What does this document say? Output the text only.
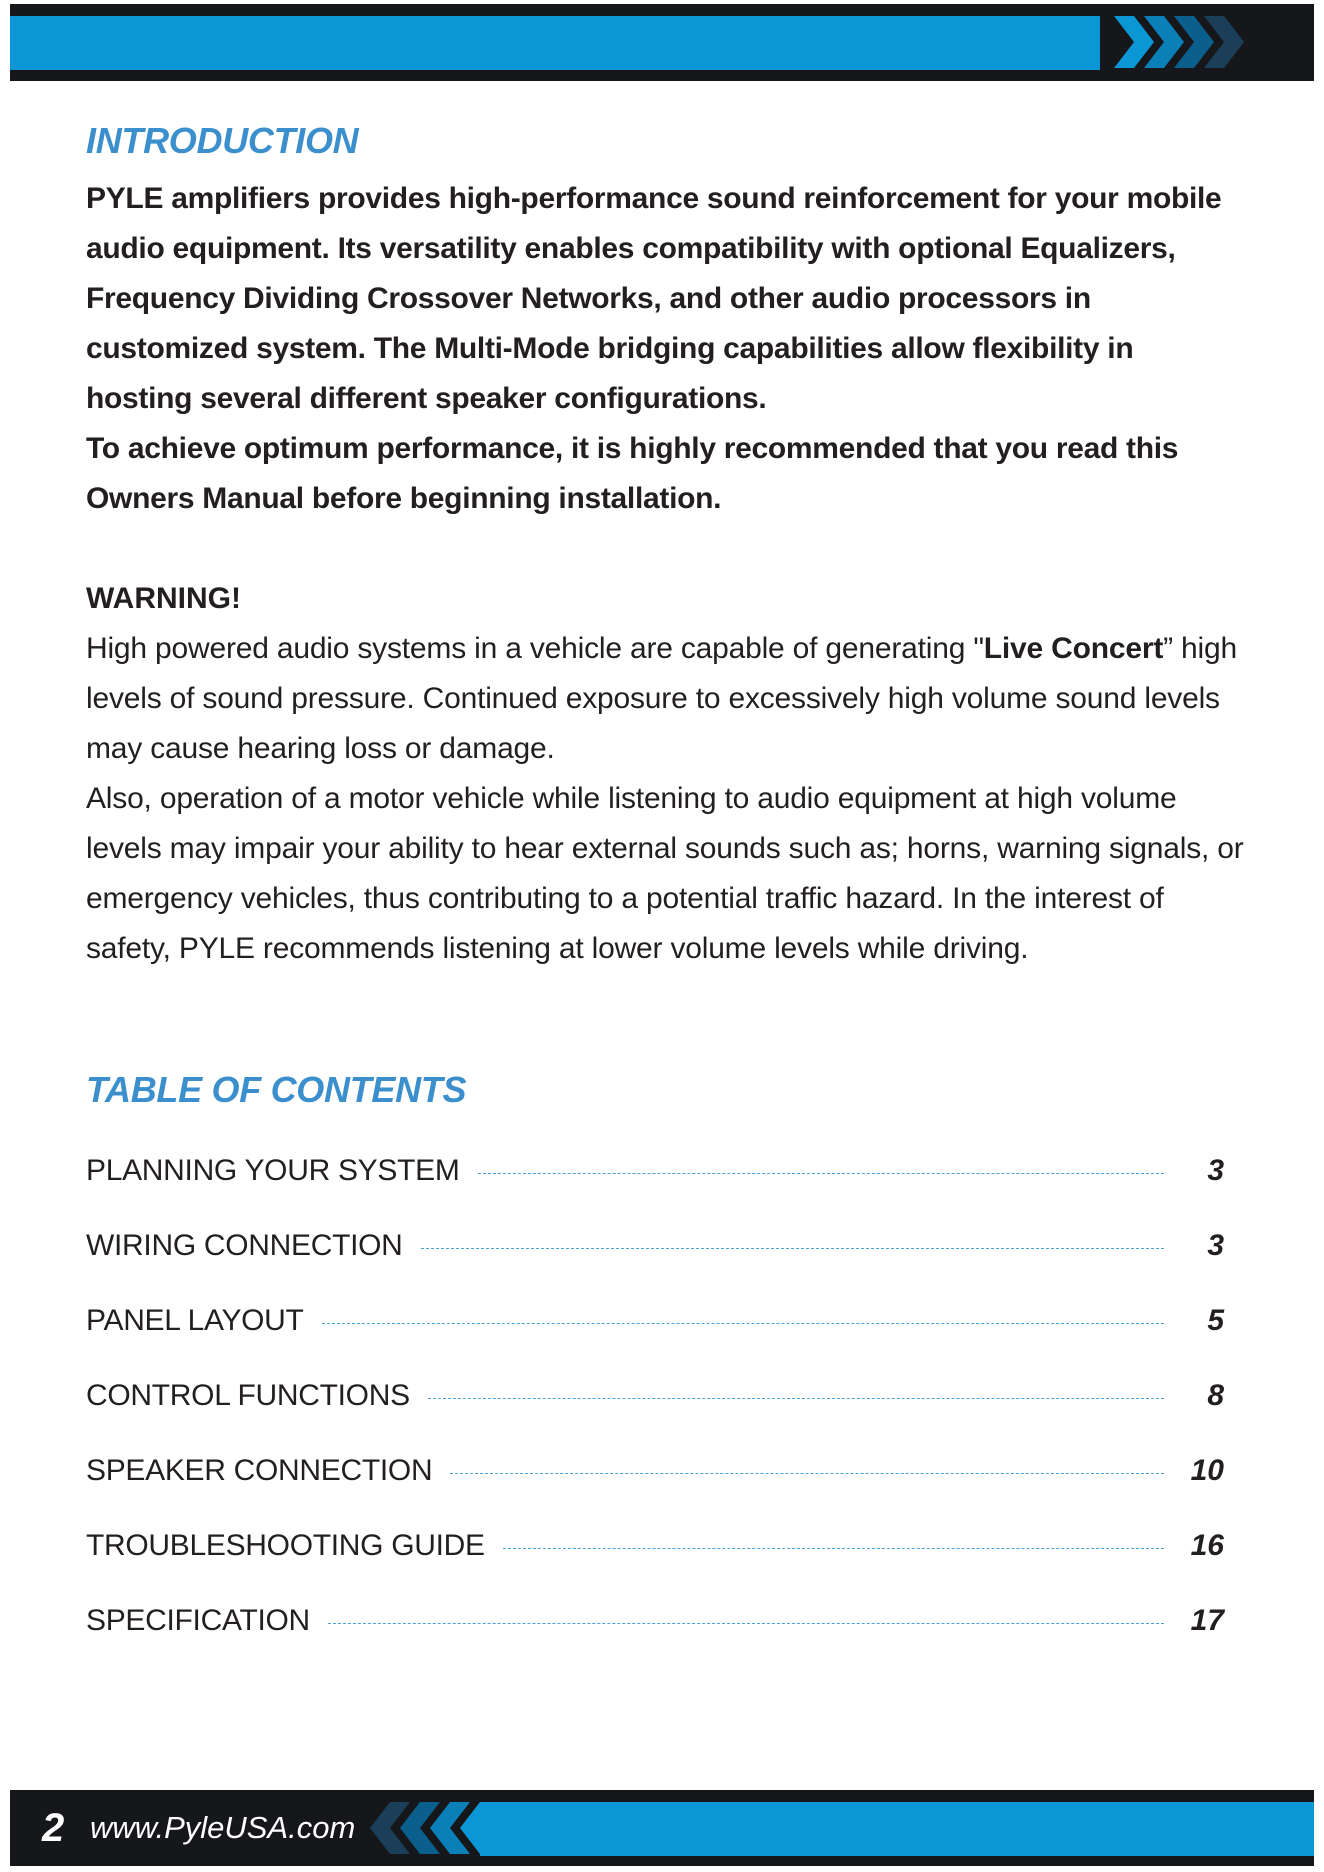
INTRODUCTION

PYLE amplifiers provides high-performance sound reinforcement for your mobile audio equipment. Its versatility enables compatibility with optional Equalizers, Frequency Dividing Crossover Networks, and other audio processors in customized system. The Multi-Mode bridging capabilities allow flexibility in hosting several different speaker configurations.

To achieve optimum performance, it is highly recommended that you read this Owners Manual before beginning installation.

WARNING!

High powered audio systems in a vehicle are capable of generating "Live Concert” high levels of sound pressure. Continued exposure to excessively high volume sound levels may cause hearing loss or damage.

Also, operation of a motor vehicle while listening to audio equipment at high volume levels may impair your ability to hear external sounds such as; horns, warning signals, or emergency vehicles, thus contributing to a potential traffic hazard. In the interest of safety, PYLE recommends listening at lower volume levels while driving.

TABLE OF CONTENTS
PLANNING YOUR SYSTEM	3
WIRING CONNECTION	3
PANEL LAYOUT	5
CONTROL FUNCTIONS	8
SPEAKER CONNECTION	10
TROUBLESHOOTING GUIDE	16
SPECIFICATION	17
2 www.PyleUSA.com
